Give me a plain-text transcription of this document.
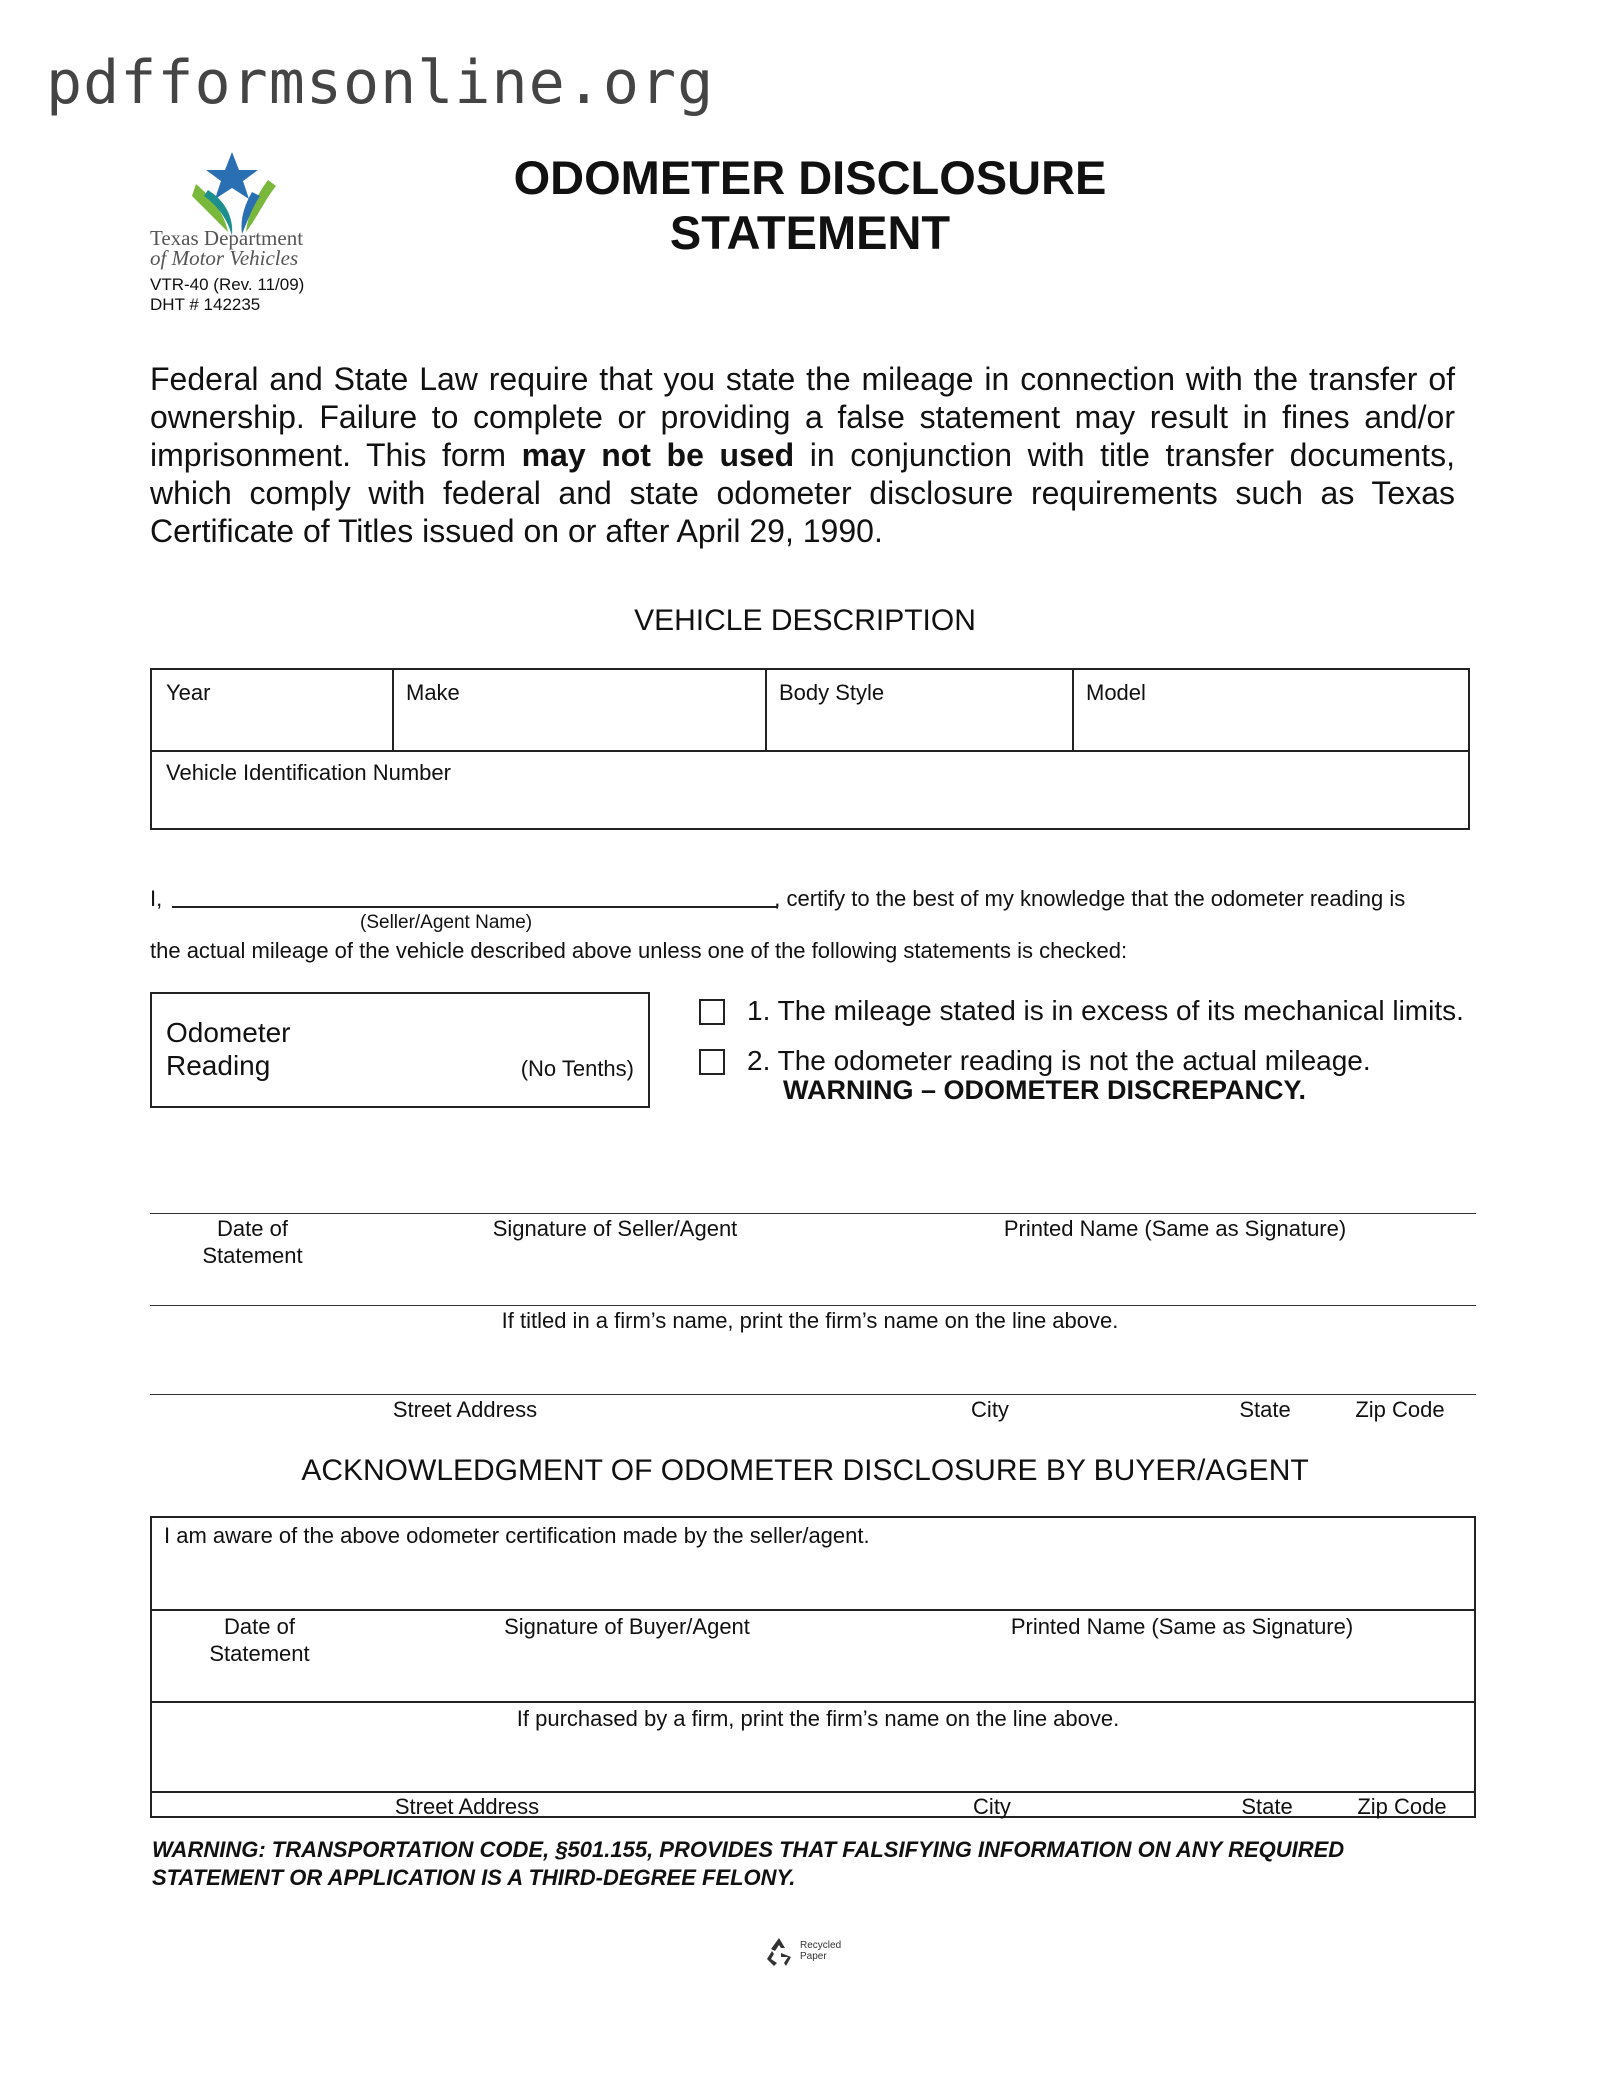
pdfformsonline.org
Texas Department
of Motor Vehicles
VTR-40 (Rev. 11/09)
DHT # 142235
ODOMETER DISCLOSURE
STATEMENT
Federal and State Law require that you state the mileage in connection with the transfer of ownership. Failure to complete or providing a false statement may result in fines and/or imprisonment. This form may not be used in conjunction with title transfer documents, which comply with federal and state odometer disclosure requirements such as Texas Certificate of Titles issued on or after April 29, 1990.
VEHICLE DESCRIPTION
Year	Make	Body Style	Model
Vehicle Identification Number
I,	, certify to the best of my knowledge that the odometer reading is
(Seller/Agent Name)
the actual mileage of the vehicle described above unless one of the following statements is checked:
Odometer
Reading	(No Tenths)
1. The mileage stated is in excess of its mechanical limits.
2. The odometer reading is not the actual mileage.
WARNING – ODOMETER DISCREPANCY.
Date of
Statement
Signature of Seller/Agent	Printed Name (Same as Signature)
If titled in a firm’s name, print the firm’s name on the line above.
Street Address	City	State	Zip Code
ACKNOWLEDGMENT OF ODOMETER DISCLOSURE BY BUYER/AGENT
I am aware of the above odometer certification made by the seller/agent.
Date of
Statement
Signature of Buyer/Agent	Printed Name (Same as Signature)
If purchased by a firm, print the firm’s name on the line above.
Street Address	City	State	Zip Code
WARNING: TRANSPORTATION CODE, §501.155, PROVIDES THAT FALSIFYING INFORMATION ON ANY REQUIRED
STATEMENT OR APPLICATION IS A THIRD-DEGREE FELONY.
Recycled
Paper
